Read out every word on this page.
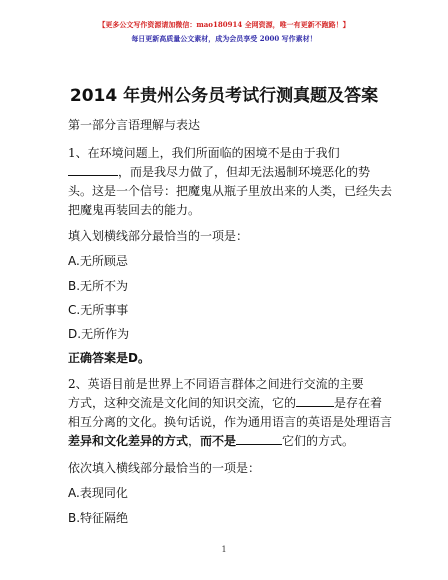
【更多公文写作资源请加微信：mao180914 全网资源，唯一有更新不跑路！】
每日更新高质量公文素材，成为会员享受 2000 写作素材！
2014 年贵州公务员考试行测真题及答案
第一部分言语理解与表达
1、在环境问题上，我们所面临的困境不是由于我们
，而是我尽力做了，但却无法遏制环境恶化的势
头。这是一个信号：把魔鬼从瓶子里放出来的人类，已经失去
把魔鬼再装回去的能力。
填入划横线部分最恰当的一项是：
A.无所顾忌
B.无所不为
C.无所事事
D.无所作为
正确答案是D。
2、英语目前是世界上不同语言群体之间进行交流的主要
方式，这种交流是文化间的知识交流，它的	是存在着
相互分离的文化。换句话说，作为通用语言的英语是处理语言
差异和文化差异的方式，而不是	它们的方式。
依次填入横线部分最恰当的一项是：
A.表现同化
B.特征隔绝
1
